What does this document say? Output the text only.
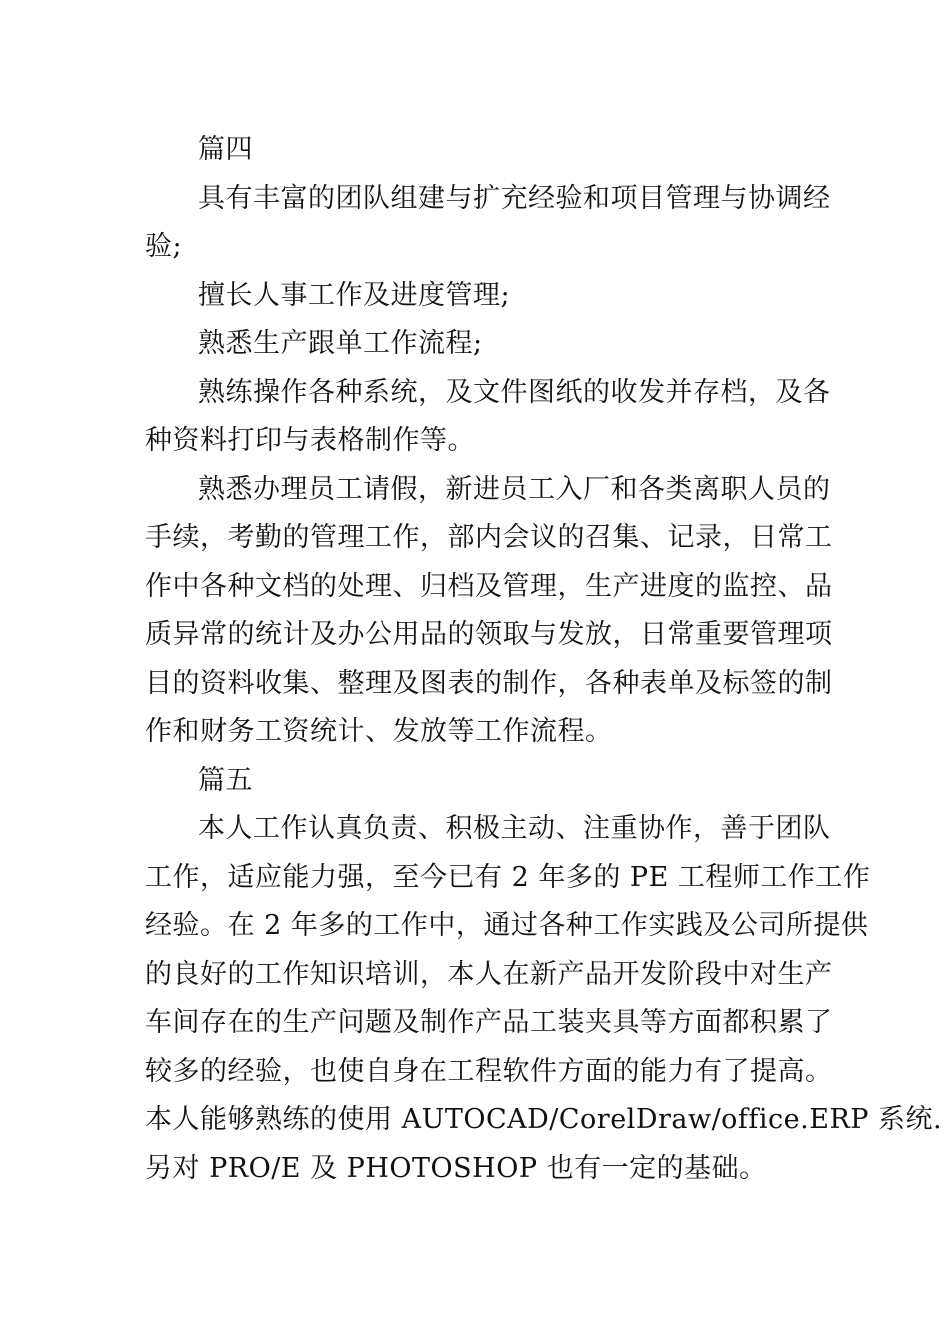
篇四
具有丰富的团队组建与扩充经验和项目管理与协调经
验;
擅长人事工作及进度管理;
熟悉生产跟单工作流程;
熟练操作各种系统，及文件图纸的收发并存档，及各
种资料打印与表格制作等。
熟悉办理员工请假，新进员工入厂和各类离职人员的
手续，考勤的管理工作，部内会议的召集、记录，日常工
作中各种文档的处理、归档及管理，生产进度的监控、品
质异常的统计及办公用品的领取与发放，日常重要管理项
目的资料收集、整理及图表的制作，各种表单及标签的制
作和财务工资统计、发放等工作流程。
篇五
本人工作认真负责、积极主动、注重协作，善于团队
工作，适应能力强，至今已有 2 年多的 PE 工程师工作工作
经验。在 2 年多的工作中，通过各种工作实践及公司所提供
的良好的工作知识培训，本人在新产品开发阶段中对生产
车间存在的生产问题及制作产品工装夹具等方面都积累了
较多的经验，也使自身在工程软件方面的能力有了提高。
本人能够熟练的使用 AUTOCAD/CorelDraw/office.ERP 系统.
另对 PRO/E 及 PHOTOSHOP 也有一定的基础。
